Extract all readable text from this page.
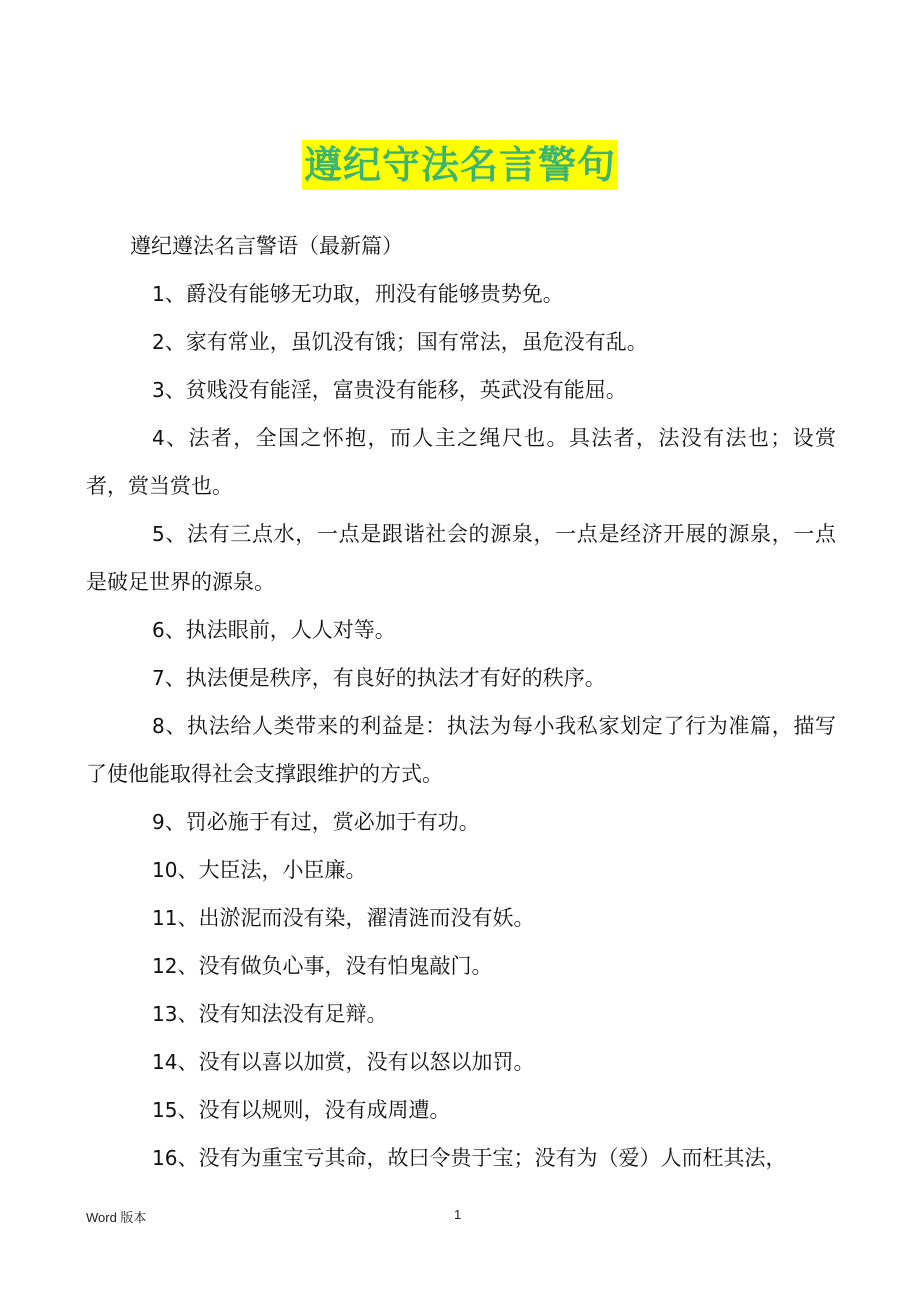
遵纪守法名言警句

遵纪遵法名言警语（最新篇）

1、爵没有能够无功取，刑没有能够贵势免。

2、家有常业，虽饥没有饿；国有常法，虽危没有乱。

3、贫贱没有能淫，富贵没有能移，英武没有能屈。

4、法者，全国之怀抱，而人主之绳尺也。具法者，法没有法也；设赏者，赏当赏也。

5、法有三点水，一点是跟谐社会的源泉，一点是经济开展的源泉，一点是破足世界的源泉。

6、执法眼前，人人对等。

7、执法便是秩序，有良好的执法才有好的秩序。

8、执法给人类带来的利益是：执法为每小我私家划定了行为准篇，描写了使他能取得社会支撑跟维护的方式。

9、罚必施于有过，赏必加于有功。

10、大臣法，小臣廉。

11、出淤泥而没有染，濯清涟而没有妖。

12、没有做负心事，没有怕鬼敲门。

13、没有知法没有足辩。

14、没有以喜以加赏，没有以怒以加罚。

15、没有以规则，没有成周遭。

16、没有为重宝亏其命，故曰令贵于宝；没有为（爱）人而枉其法，

Word 版本	1
